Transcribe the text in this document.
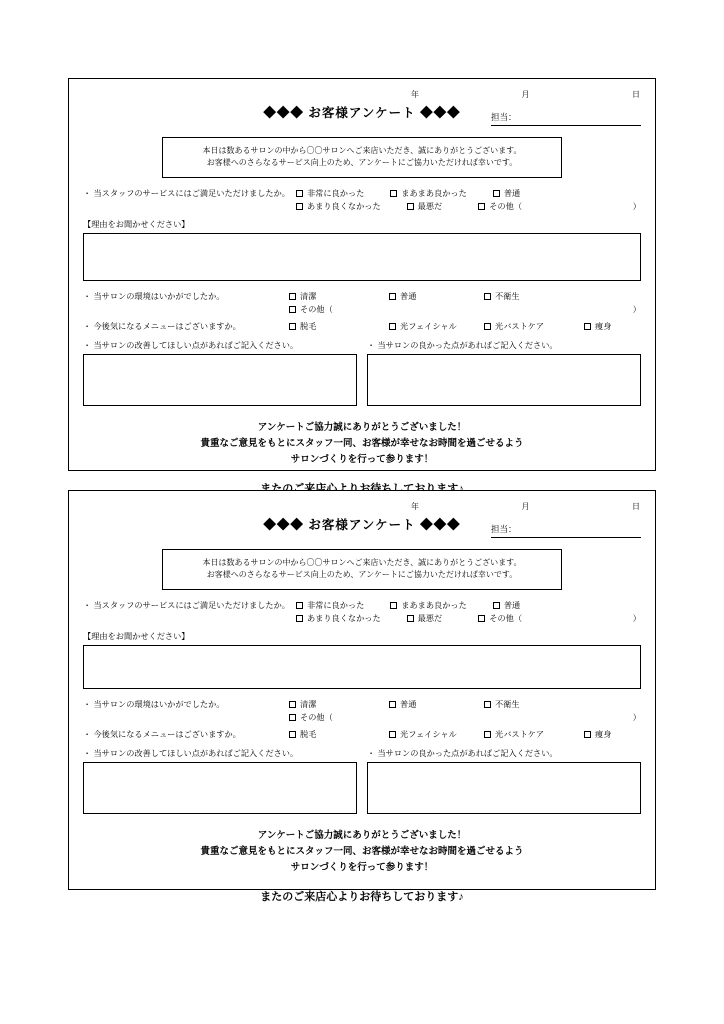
年	月	日
担当：
◆◆◆ お客様アンケート ◆◆◆
本日は数あるサロンの中から〇〇サロンへご来店いただき、誠にありがとうございます。
お客様へのさらなるサービス向上のため、アンケートにご協力いただければ幸いです。
・ 当スタッフのサービスにはご満足いただけましたか。 非常に良かった	まあまあ良かった	普通
あまり良くなかった	最悪だ	その他（	）
【理由をお聞かせください】
・ 当サロンの環境はいかがでしたか。	清潔	普通	不衛生
その他（	）
・ 今後気になるメニューはございますか。	脱毛	光フェイシャル	光バストケア	痩身
・ 当サロンの改善してほしい点があればご記入ください。	・ 当サロンの良かった点があればご記入ください。
アンケートご協力誠にありがとうございました！
貴重なご意見をもとにスタッフ一同、お客様が幸せなお時間を過ごせるよう
サロンづくりを行って参ります！
年	月	日
担当：
◆◆◆ お客様アンケート ◆◆◆
本日は数あるサロンの中から〇〇サロンへご来店いただき、誠にありがとうございます。
お客様へのさらなるサービス向上のため、アンケートにご協力いただければ幸いです。
・ 当スタッフのサービスにはご満足いただけましたか。 非常に良かった	まあまあ良かった	普通
あまり良くなかった	最悪だ	その他（	）
【理由をお聞かせください】
・ 当サロンの環境はいかがでしたか。	清潔	普通	不衛生
その他（	）
・ 今後気になるメニューはございますか。	脱毛	光フェイシャル	光バストケア	痩身
・ 当サロンの改善してほしい点があればご記入ください。	・ 当サロンの良かった点があればご記入ください。
アンケートご協力誠にありがとうございました！
貴重なご意見をもとにスタッフ一同、お客様が幸せなお時間を過ごせるよう
サロンづくりを行って参ります！
またのご来店心よりお待ちしております♪
